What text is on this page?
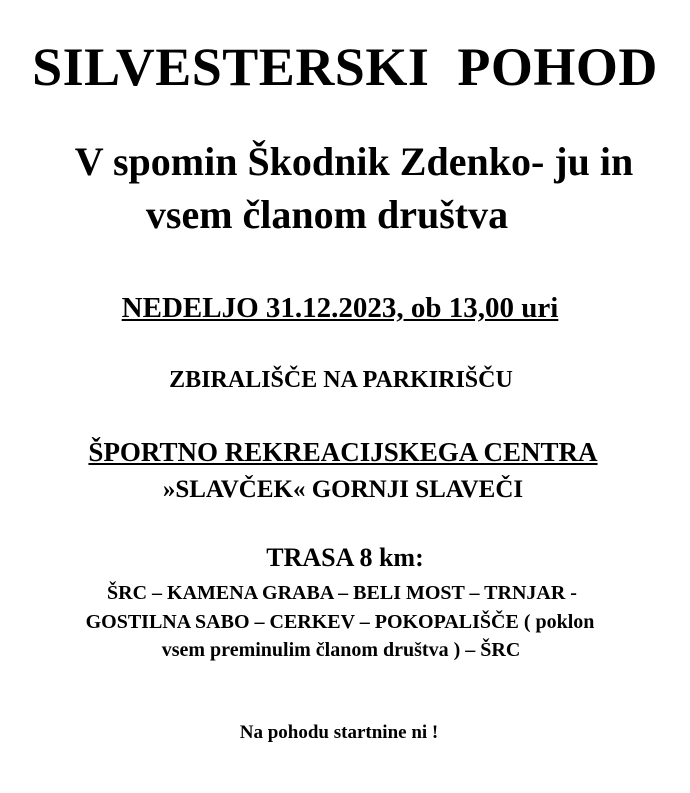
SILVESTERSKI POHOD
V spomin Škodnik Zdenko- ju in
vsem članom društva
NEDELJO 31.12.2023, ob 13,00 uri
ZBIRALIŠČE NA PARKIRIŠČU
ŠPORTNO REKREACIJSKEGA CENTRA
»SLAVČEK« GORNJI SLAVEČI
TRASA 8 km:
ŠRC – KAMENA GRABA – BELI MOST – TRNJAR -
GOSTILNA SABO – CERKEV – POKOPALIŠČE ( poklon
vsem preminulim članom društva ) – ŠRC
Na pohodu startnine ni !
